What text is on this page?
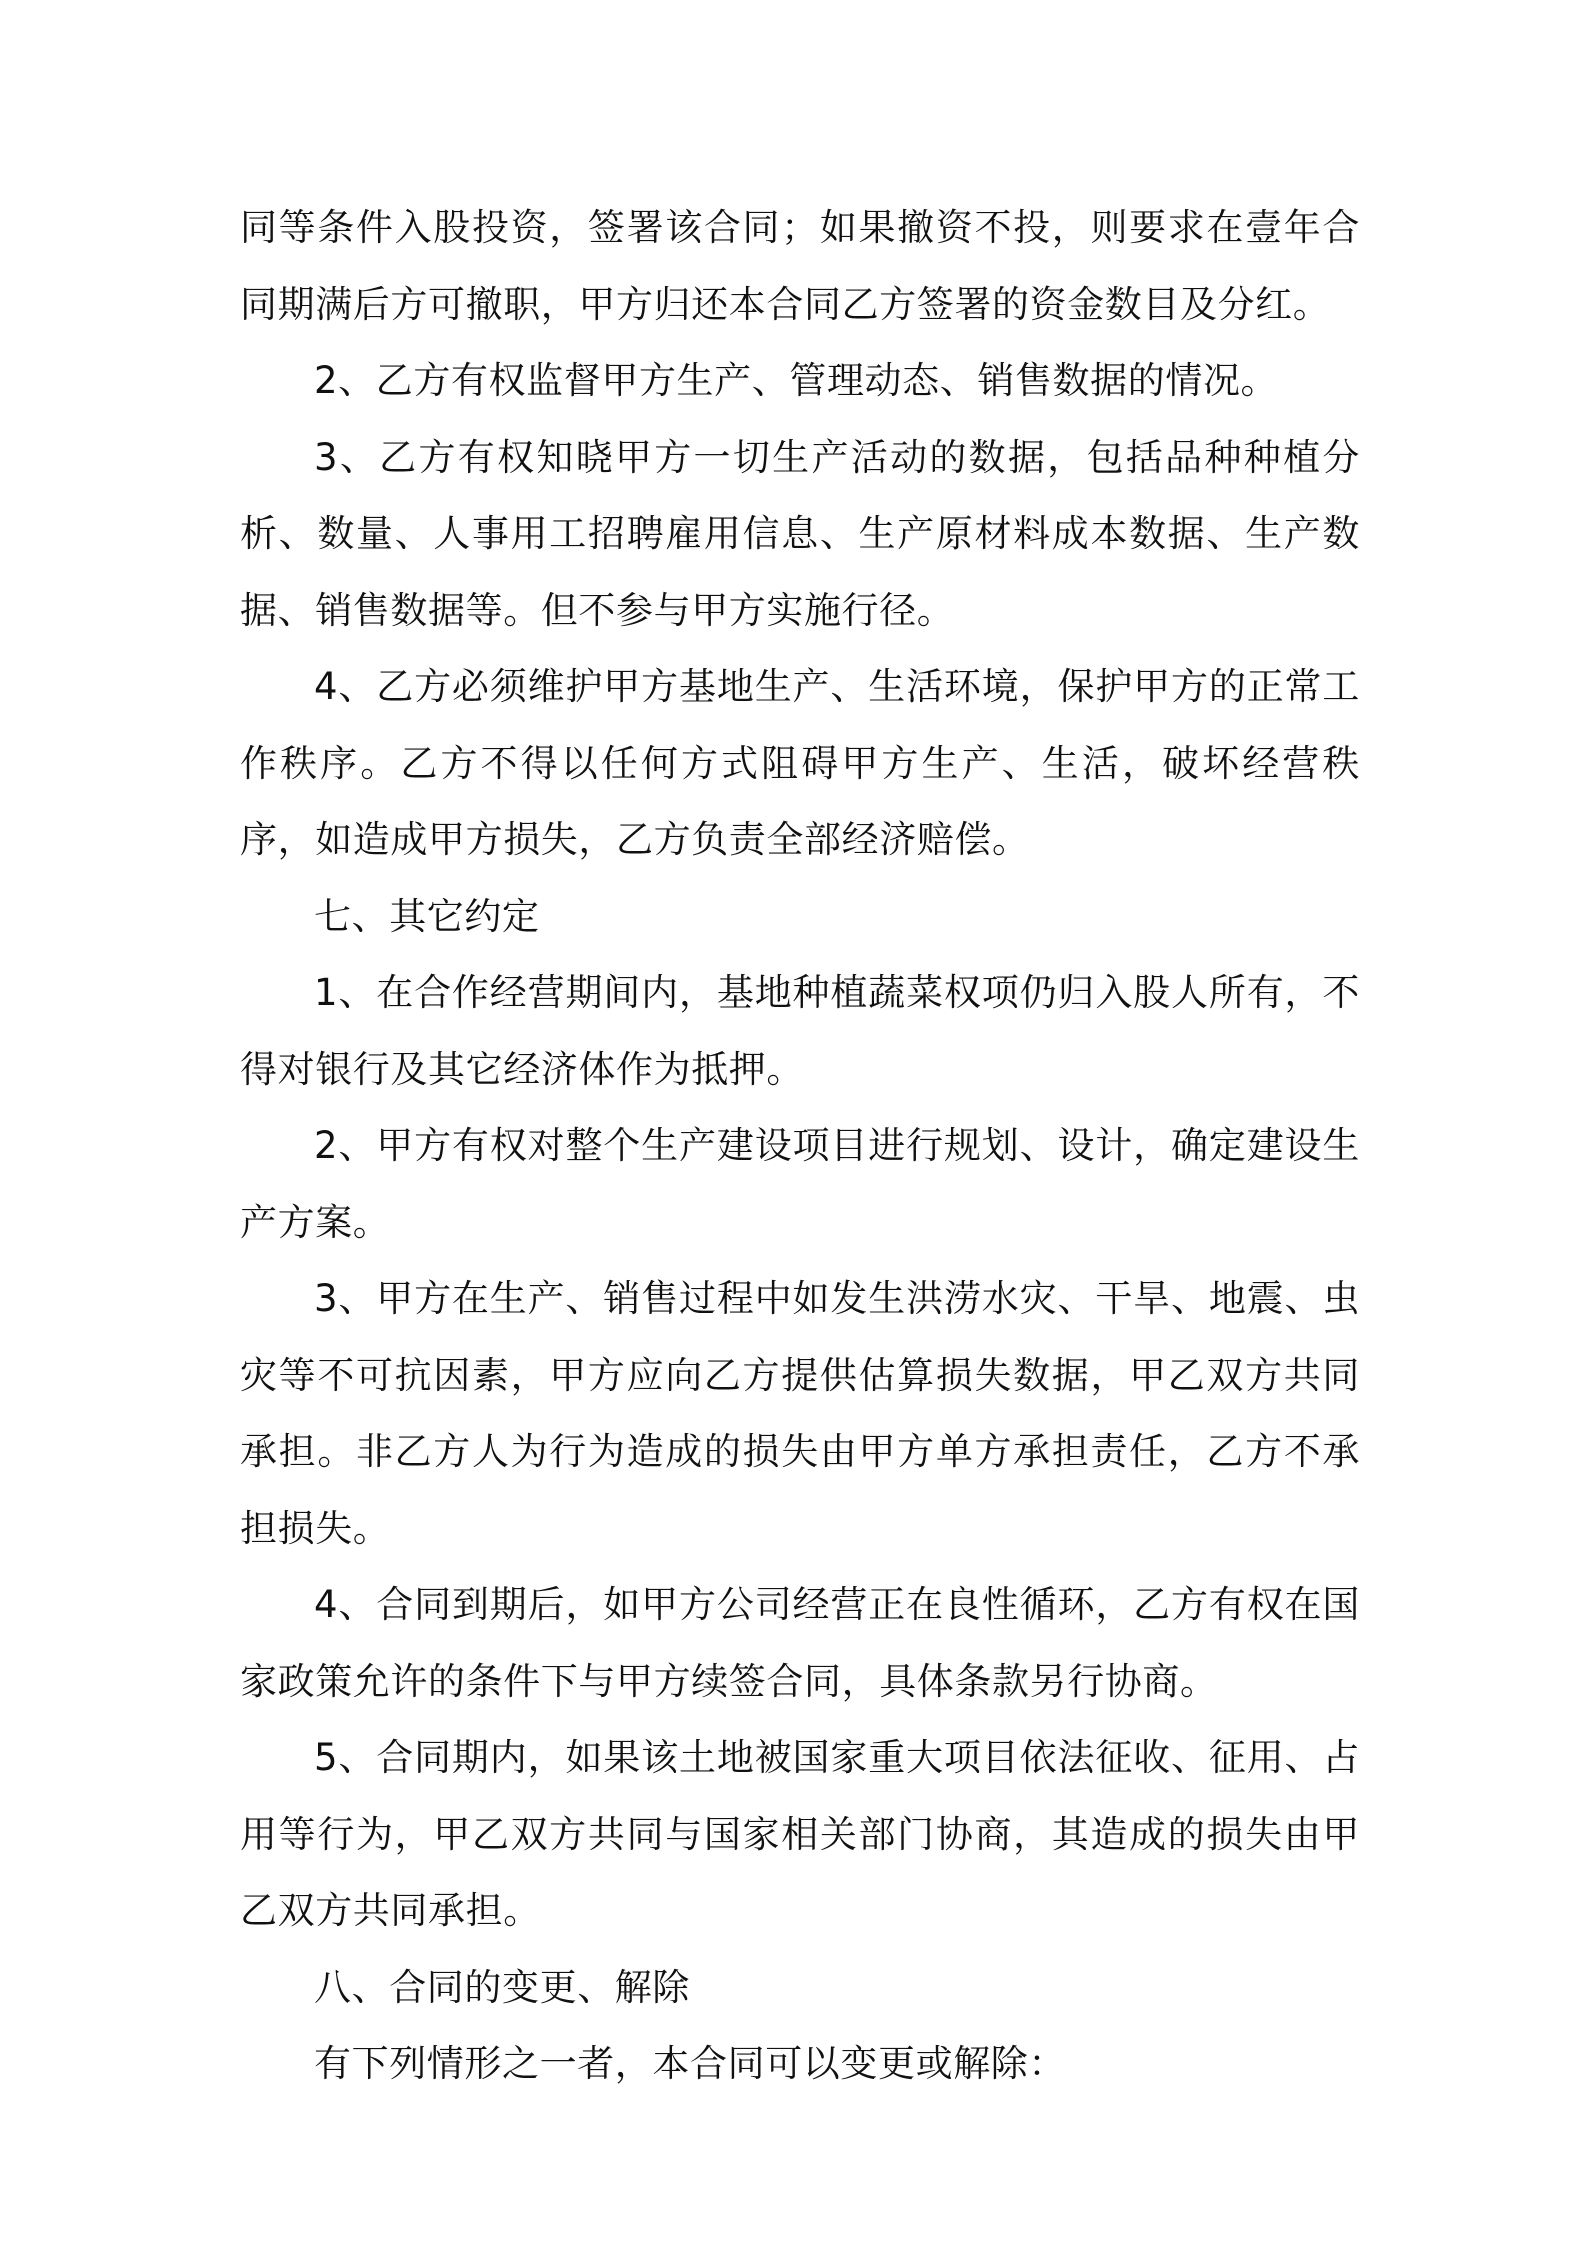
同等条件入股投资，签署该合同；如果撤资不投，则要求在壹年合同期满后方可撤职，甲方归还本合同乙方签署的资金数目及分红。

2、乙方有权监督甲方生产、管理动态、销售数据的情况。

3、乙方有权知晓甲方一切生产活动的数据，包括品种种植分析、数量、人事用工招聘雇用信息、生产原材料成本数据、生产数据、销售数据等。但不参与甲方实施行径。

4、乙方必须维护甲方基地生产、生活环境，保护甲方的正常工作秩序。乙方不得以任何方式阻碍甲方生产、生活，破坏经营秩序，如造成甲方损失，乙方负责全部经济赔偿。

七、其它约定

1、在合作经营期间内，基地种植蔬菜权项仍归入股人所有，不得对银行及其它经济体作为抵押。

2、甲方有权对整个生产建设项目进行规划、设计，确定建设生产方案。

3、甲方在生产、销售过程中如发生洪涝水灾、干旱、地震、虫灾等不可抗因素，甲方应向乙方提供估算损失数据，甲乙双方共同承担。非乙方人为行为造成的损失由甲方单方承担责任，乙方不承担损失。

4、合同到期后，如甲方公司经营正在良性循环，乙方有权在国家政策允许的条件下与甲方续签合同，具体条款另行协商。

5、合同期内，如果该土地被国家重大项目依法征收、征用、占用等行为，甲乙双方共同与国家相关部门协商，其造成的损失由甲乙双方共同承担。

八、合同的变更、解除

有下列情形之一者，本合同可以变更或解除：
